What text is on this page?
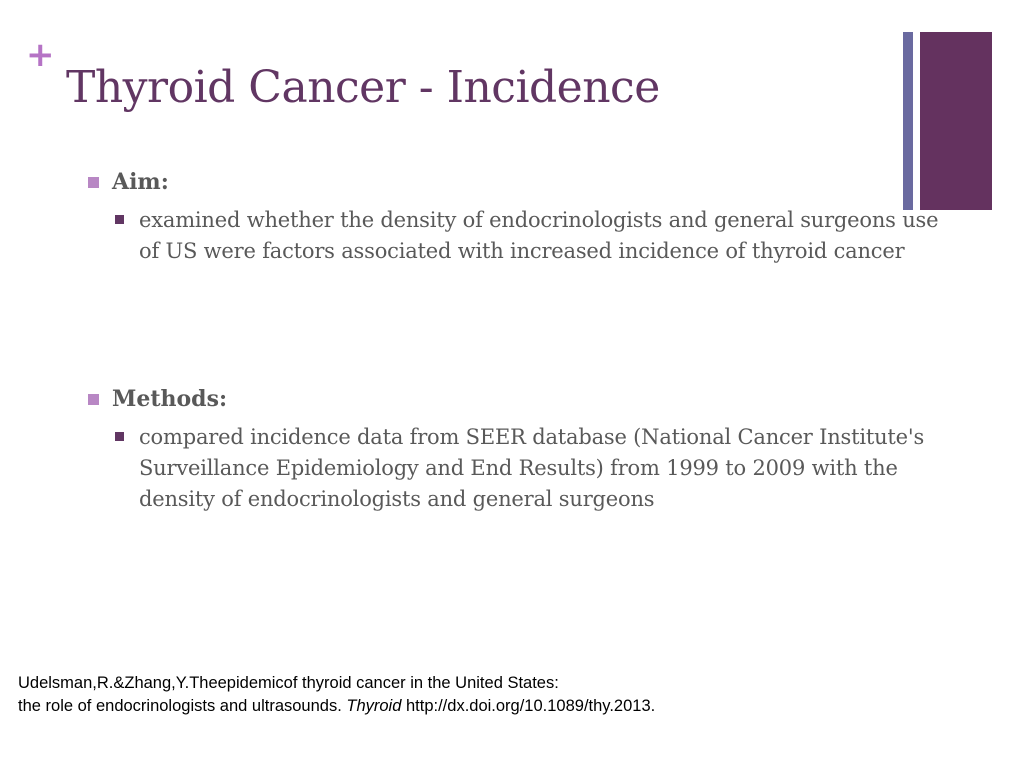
+
Thyroid Cancer - Incidence
Aim:
examined whether the density of endocrinologists and general surgeons use of US were factors associated with increased incidence of thyroid cancer
Methods:
compared incidence data from SEER database (National Cancer Institute's Surveillance Epidemiology and End Results) from 1999 to 2009 with the density of endocrinologists and general surgeons
Udelsman,R.&Zhang,Y.Theepidemicof thyroid cancer in the United States:
the role of endocrinologists and ultrasounds. Thyroid http://dx.doi.org/10.1089/thy.2013.
